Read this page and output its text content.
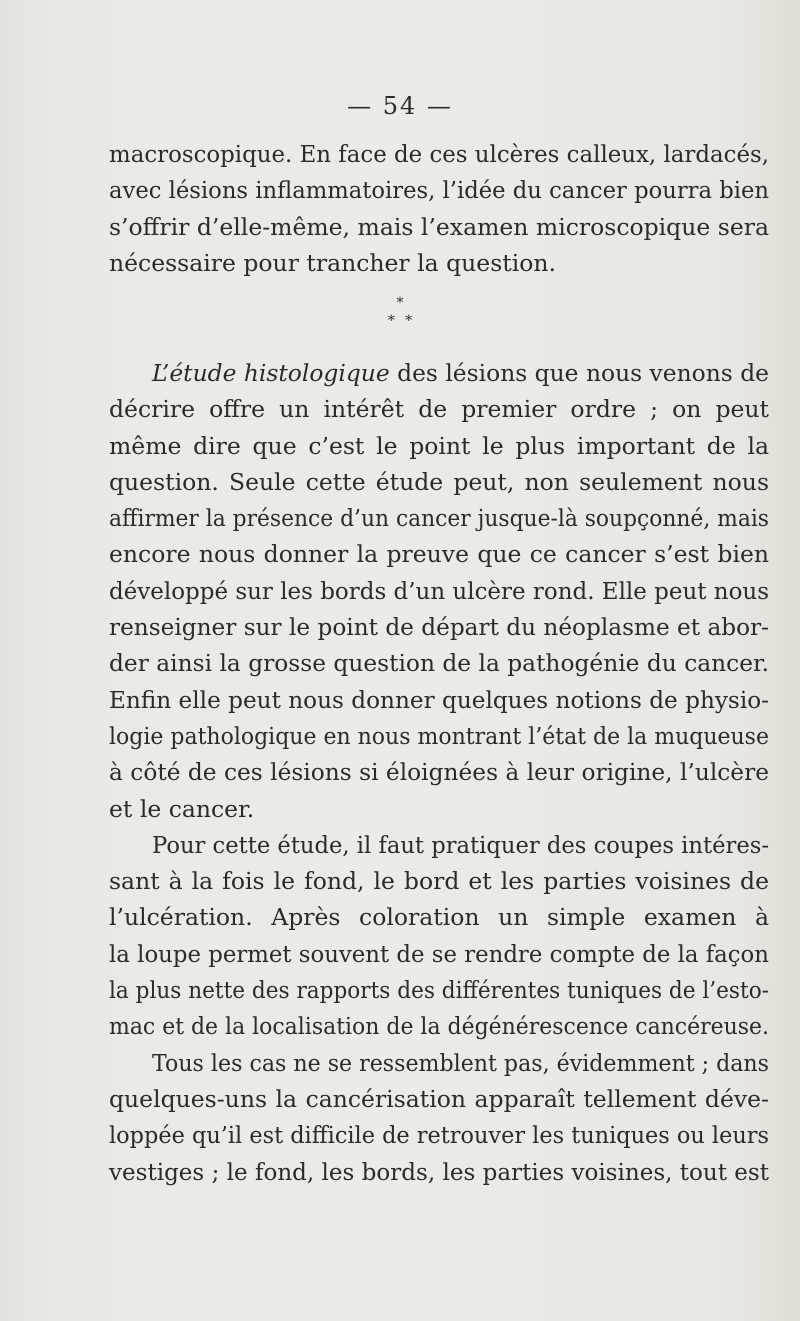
— 54 —
macroscopique. En face de ces ulcères calleux, lardacés,
avec lésions inflammatoires, l’idée du cancer pourra bien
s’offrir d’elle-même, mais l’examen microscopique sera
nécessaire pour trancher la question.
*
* *
L’étude histologique des lésions que nous venons de
décrire offre un intérêt de premier ordre ; on peut
même dire que c’est le point le plus important de la
question. Seule cette étude peut, non seulement nous
affirmer la présence d’un cancer jusque-là soupçonné, mais
encore nous donner la preuve que ce cancer s’est bien
développé sur les bords d’un ulcère rond. Elle peut nous
renseigner sur le point de départ du néoplasme et abor-
der ainsi la grosse question de la pathogénie du cancer.
Enfin elle peut nous donner quelques notions de physio-
logie pathologique en nous montrant l’état de la muqueuse
à côté de ces lésions si éloignées à leur origine, l’ulcère
et le cancer.
Pour cette étude, il faut pratiquer des coupes intéres-
sant à la fois le fond, le bord et les parties voisines de
l’ulcération. Après coloration un simple examen à
la loupe permet souvent de se rendre compte de la façon
la plus nette des rapports des différentes tuniques de l’esto-
mac et de la localisation de la dégénérescence cancéreuse.
Tous les cas ne se ressemblent pas, évidemment ; dans
quelques-uns la cancérisation apparaît tellement déve-
loppée qu’il est difficile de retrouver les tuniques ou leurs
vestiges ; le fond, les bords, les parties voisines, tout est
